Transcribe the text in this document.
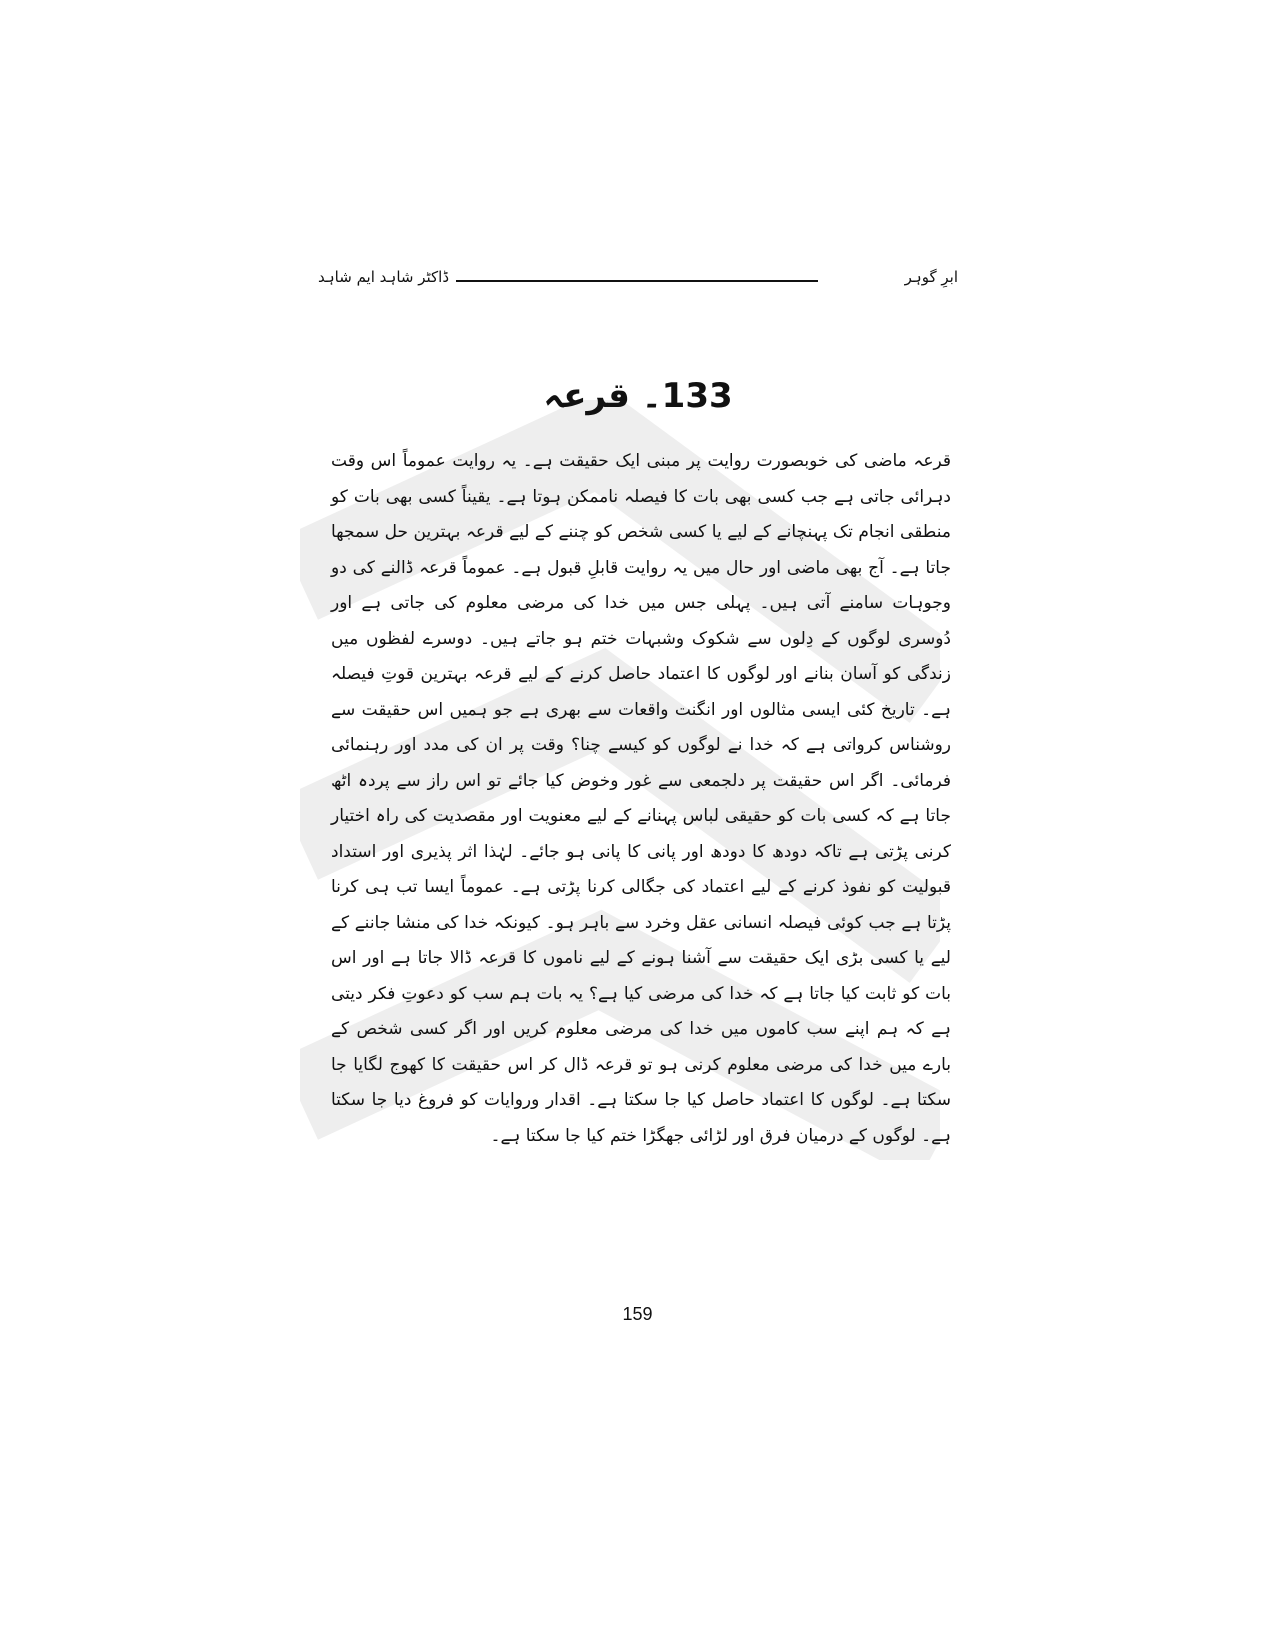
ابرِ گوہر
ڈاکٹر شاہد ایم شاہد
133۔ قرعہ

قرعہ ماضی کی خوبصورت روایت پر مبنی ایک حقیقت ہے۔ یہ روایت عموماً اس وقت دہرائی جاتی ہے جب کسی بھی بات کا فیصلہ ناممکن ہوتا ہے۔ یقیناً کسی بھی بات کو منطقی انجام تک پہنچانے کے لیے یا کسی شخص کو چننے کے لیے قرعہ بہترین حل سمجھا جاتا ہے۔ آج بھی ماضی اور حال میں یہ روایت قابلِ قبول ہے۔ عموماً قرعہ ڈالنے کی دو وجوہات سامنے آتی ہیں۔ پہلی جس میں خدا کی مرضی معلوم کی جاتی ہے اور دُوسری لوگوں کے دِلوں سے شکوک وشبہات ختم ہو جاتے ہیں۔ دوسرے لفظوں میں زندگی کو آسان بنانے اور لوگوں کا اعتماد حاصل کرنے کے لیے قرعہ بہترین قوتِ فیصلہ ہے۔ تاریخ کئی ایسی مثالوں اور انگنت واقعات سے بھری ہے جو ہمیں اس حقیقت سے روشناس کرواتی ہے کہ خدا نے لوگوں کو کیسے چنا؟ وقت پر ان کی مدد اور رہنمائی فرمائی۔ اگر اس حقیقت پر دلجمعی سے غور وخوض کیا جائے تو اس راز سے پردہ اٹھ جاتا ہے کہ کسی بات کو حقیقی لباس پہنانے کے لیے معنویت اور مقصدیت کی راہ اختیار کرنی پڑتی ہے تاکہ دودھ کا دودھ اور پانی کا پانی ہو جائے۔ لہٰذا اثر پذیری اور استداد قبولیت کو نفوذ کرنے کے لیے اعتماد کی جگالی کرنا پڑتی ہے۔ عموماً ایسا تب ہی کرنا پڑتا ہے جب کوئی فیصلہ انسانی عقل وخرد سے باہر ہو۔ کیونکہ خدا کی منشا جاننے کے لیے یا کسی بڑی ایک حقیقت سے آشنا ہونے کے لیے ناموں کا قرعہ ڈالا جاتا ہے اور اس بات کو ثابت کیا جاتا ہے کہ خدا کی مرضی کیا ہے؟ یہ بات ہم سب کو دعوتِ فکر دیتی ہے کہ ہم اپنے سب کاموں میں خدا کی مرضی معلوم کریں اور اگر کسی شخص کے بارے میں خدا کی مرضی معلوم کرنی ہو تو قرعہ ڈال کر اس حقیقت کا کھوج لگایا جا سکتا ہے۔ لوگوں کا اعتماد حاصل کیا جا سکتا ہے۔ اقدار وروایات کو فروغ دیا جا سکتا ہے۔ لوگوں کے درمیان فرق اور لڑائی جھگڑا ختم کیا جا سکتا ہے۔

159
